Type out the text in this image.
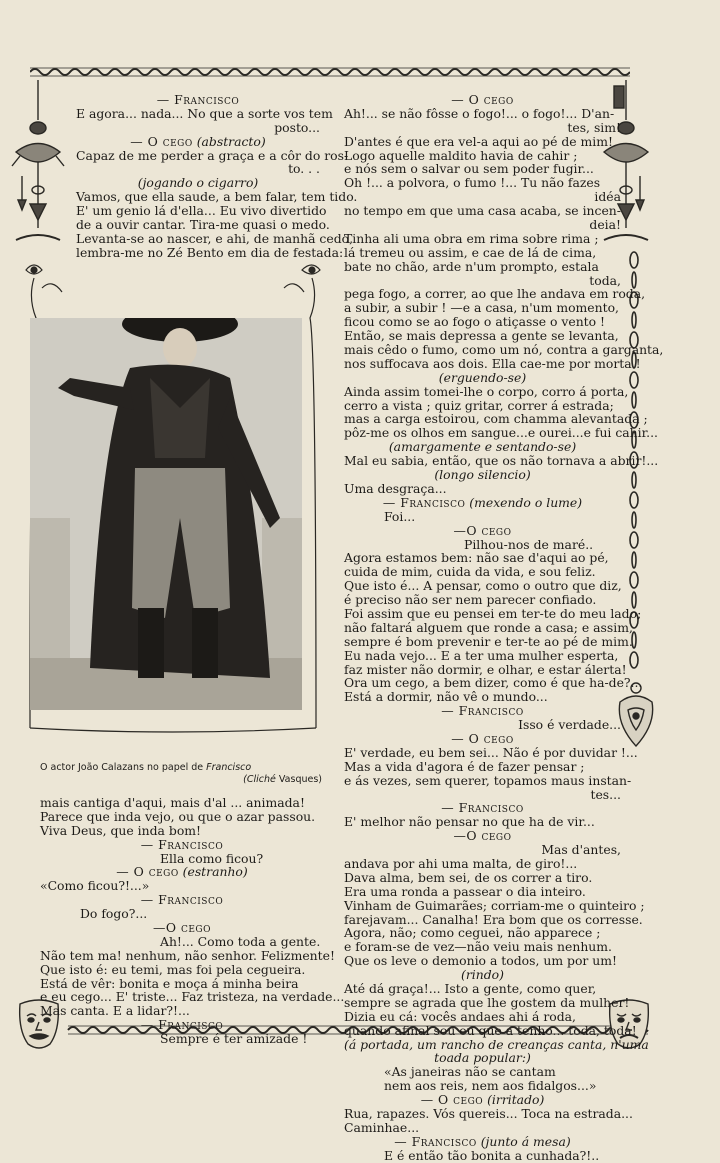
O actor João Calazans no papel de Francisco
(Cliché Vasques)
— Francisco
E agora... nada... No que a sorte vos tem
posto...
— O cego (abstracto)
Capaz de me perder a graça e a côr do ros-
to. . .
(jogando o cigarro)
Vamos, que ella saude, a bem falar, tem tido.
E' um genio lá d'ella... Eu vivo divertido
de a ouvir cantar. Tira-me quasi o medo.
Levanta-se ao nascer, e ahi, de manhã cedo,
lembra-me no Zé Bento em dia de festada:
mais cantiga d'aqui, mais d'al ... animada!
Parece que inda vejo, ou que o azar passou.
Viva Deus, que inda bom!
— Francisco
Ella como ficou?
— O cego (estranho)
«Como ficou?!...»
— Francisco
Do fogo?...
—O cego
Ah!... Como toda a gente.
Não tem ma! nenhum, não senhor. Felizmente!
Que isto é: eu temi, mas foi pela cegueira.
Está de vêr: bonita e moça á minha beira
e eu cego... E' triste... Faz tristeza, na verdade...
Mas canta. E a lidar?!...
— Francisco
Sempre é ter amizade !
— O cego
Ah!... se não fôsse o fogo!... o fogo!... D'an-
tes, sim!
D'antes é que era vel-a aqui ao pé de mim!
Logo aquelle maldito havia de cahir ;
e nós sem o salvar ou sem poder fugir...
Oh !... a polvora, o fumo !... Tu não fazes
idéa
no tempo em que uma casa acaba, se incen-
deia!
Tinha ali uma obra em rima sobre rima ;
lá tremeu ou assim, e cae de lá de cima,
bate no chão, arde n'um prompto, estala
toda,
pega fogo, a correr, ao que lhe andava em roda,
a subir, a subir ! —e a casa, n'um momento,
ficou como se ao fogo o atiçasse o vento !
Então, se mais depressa a gente se levanta,
mais cêdo o fumo, como um nó, contra a garganta,
nos suffocava aos dois. Ella cae-me por morta !
(erguendo-se)
Ainda assim tomei-lhe o corpo, corro á porta,
cerro a vista ; quiz gritar, correr á estrada;
mas a carga estoirou, com chamma alevantada ;
pôz-me os olhos em sangue...e ourei...e fui cahir...
(amargamente e sentando-se)
Mal eu sabia, então, que os não tornava a abrir!...
(longo silencio)
Uma desgraça...
— Francisco (mexendo o lume)
Foi...
—O cego
Pilhou-nos de maré..
Agora estamos bem: não sae d'aqui ao pé,
cuida de mim, cuida da vida, e sou feliz.
Que isto é... A pensar, como o outro que diz,
é preciso não ser nem parecer confiado.
Foi assim que eu pensei em ter-te do meu lado;
não faltará alguem que ronde a casa; e assim,
sempre é bom prevenir e ter-te ao pé de mim.
Eu nada vejo... E a ter uma mulher esperta,
faz mister não dormir, e olhar, e estar álerta!
Ora um cego, a bem dizer, como é que ha-de?...
Está a dormir, não vê o mundo...
— Francisco
Isso é verdade...
— O cego
E' verdade, eu bem sei... Não é por duvidar !...
Mas a vida d'agora é de fazer pensar ;
e ás vezes, sem querer, topamos maus instan-
tes...
— Francisco
E' melhor não pensar no que ha de vir...
—O cego
Mas d'antes,
andava por ahi uma malta, de giro!...
Dava alma, bem sei, de os correr a tiro.
Era uma ronda a passear o dia inteiro.
Vinham de Guimarães; corriam-me o quinteiro ;
farejavam... Canalha! Era bom que os corresse.
Agora, não; como ceguei, não apparece ;
e foram-se de vez—não veiu mais nenhum.
Que os leve o demonio a todos, um por um!
(rindo)
Até dá graça!... Isto a gente, como quer,
sempre se agrada que lhe gostem da mulher!
Dizia eu cá: vocês andaes ahi á roda,
quando afinal sou eu que a tenho... toda, toda!
(á portada, um rancho de creanças canta, n'uma
toada popular:)
«As janeiras não se cantam
nem aos reis, nem aos fidalgos...»
— O cego (irritado)
Rua, rapazes. Vós quereis... Toca na estrada...
Caminhae...
— Francisco (junto á mesa)
E é então tão bonita a cunhada?!..
